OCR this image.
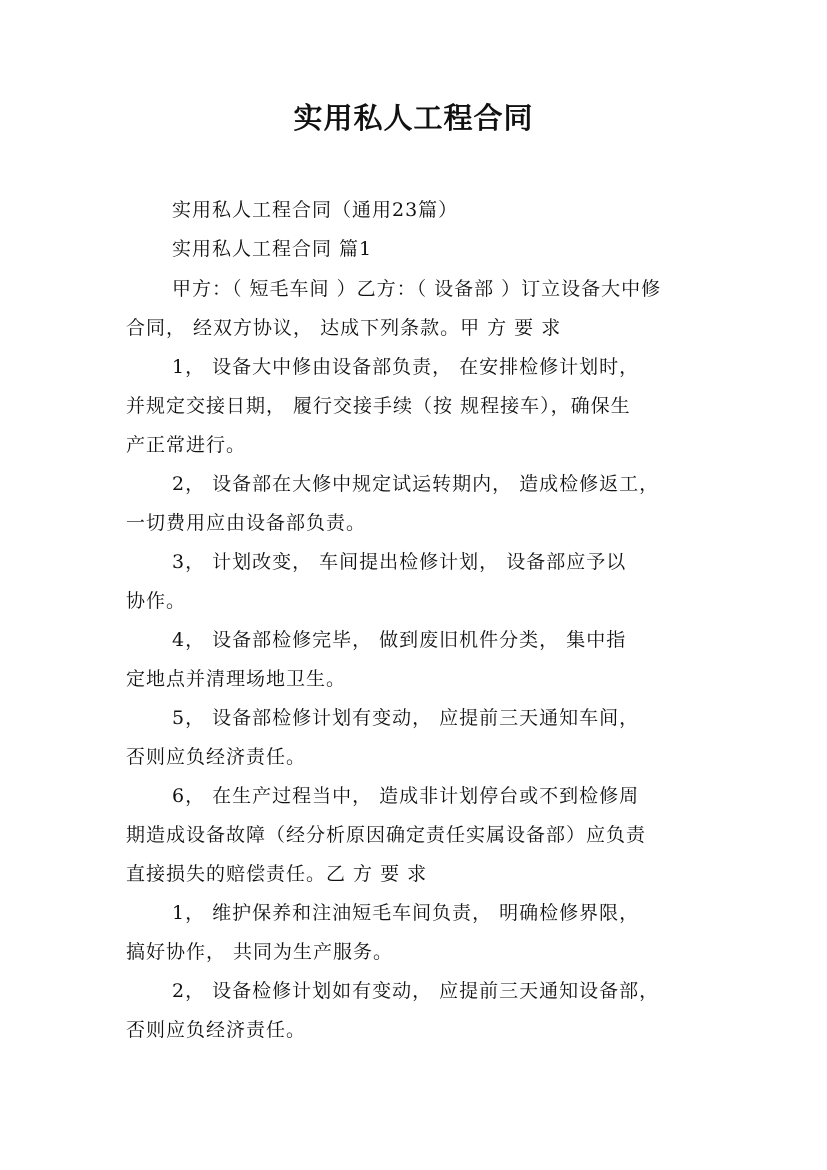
实用私人工程合同
实用私人工程合同（通用23篇）
实用私人工程合同 篇1
甲方：（ 短毛车间 ）乙方：（ 设备部 ）订立设备大中修
合同， 经双方协议， 达成下列条款。甲 方 要 求
1， 设备大中修由设备部负责， 在安排检修计划时，
并规定交接日期， 履行交接手续（按 规程接车），确保生
产正常进行。
2， 设备部在大修中规定试运转期内， 造成检修返工，
一切费用应由设备部负责。
3， 计划改变， 车间提出检修计划， 设备部应予以
协作。
4， 设备部检修完毕， 做到废旧机件分类， 集中指
定地点并清理场地卫生。
5， 设备部检修计划有变动， 应提前三天通知车间，
否则应负经济责任。
6， 在生产过程当中， 造成非计划停台或不到检修周
期造成设备故障（经分析原因确定责任实属设备部）应负责
直接损失的赔偿责任。乙 方 要 求
1， 维护保养和注油短毛车间负责， 明确检修界限，
搞好协作， 共同为生产服务。
2， 设备检修计划如有变动， 应提前三天通知设备部，
否则应负经济责任。
